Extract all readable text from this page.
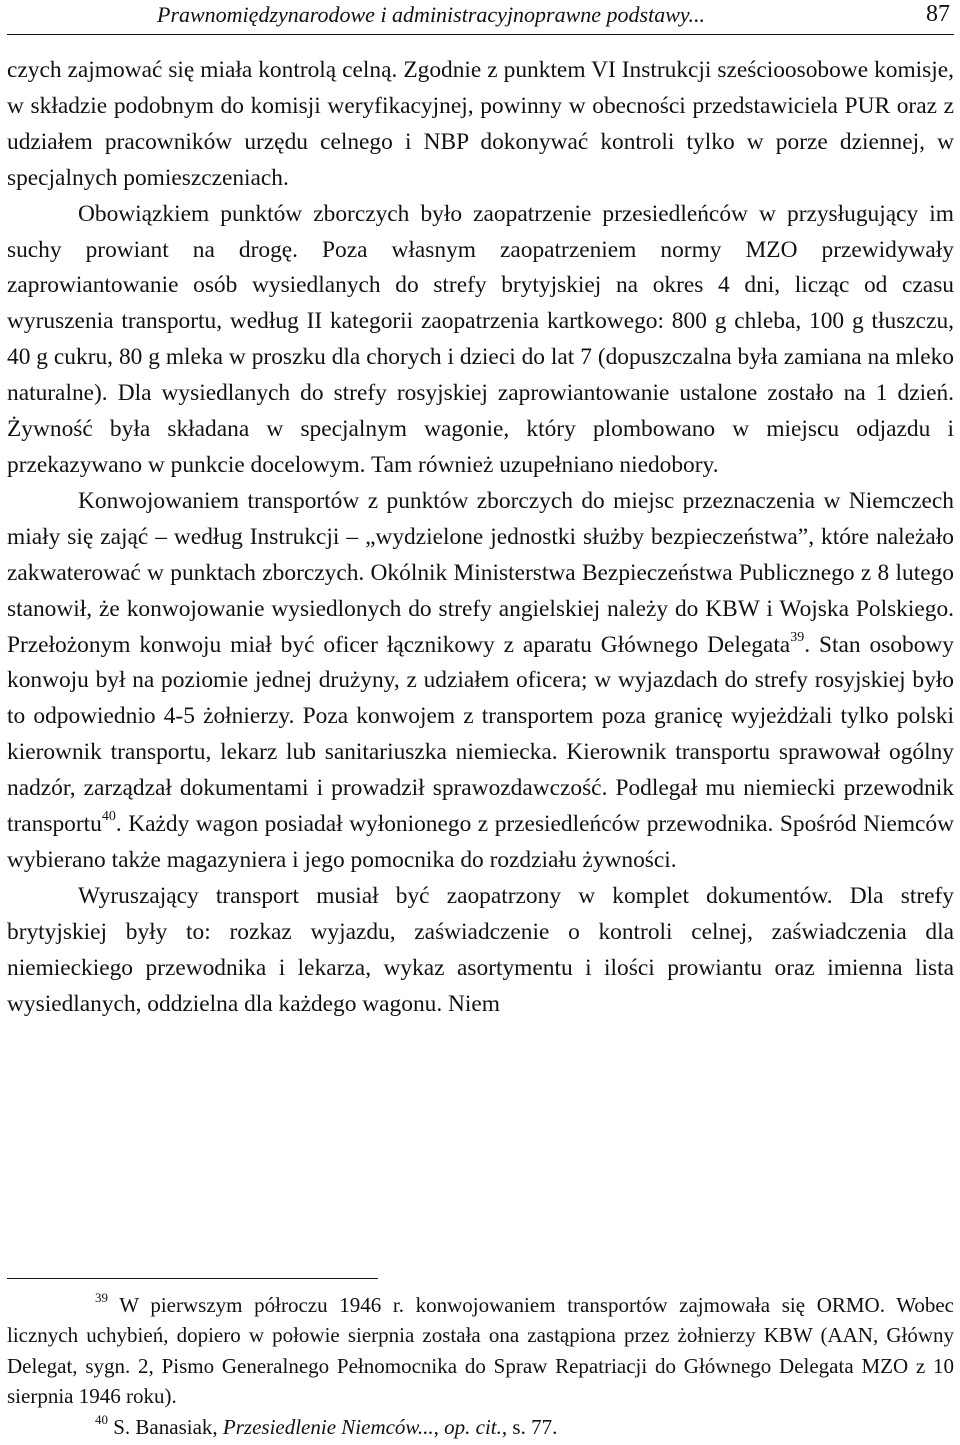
Prawnomiędzynarodowe i administracyjnoprawne podstawy...	87

czych zajmować się miała kontrolą celną. Zgodnie z punktem VI Instrukcji sześcioosobowe komisje, w składzie podobnym do komisji weryfikacyjnej, powinny w obecności przedstawiciela PUR oraz z udziałem pracowników urzędu celnego i NBP dokonywać kontroli tylko w porze dziennej, w specjalnych pomieszczeniach.

Obowiązkiem punktów zborczych było zaopatrzenie przesiedleńców w przysługujący im suchy prowiant na drogę. Poza własnym zaopatrzeniem normy MZO przewidywały zaprowiantowanie osób wysiedlanych do strefy brytyjskiej na okres 4 dni, licząc od czasu wyruszenia transportu, według II kategorii zaopatrzenia kartkowego: 800 g chleba, 100 g tłuszczu, 40 g cukru, 80 g mleka w proszku dla chorych i dzieci do lat 7 (dopuszczalna była zamiana na mleko naturalne). Dla wysiedlanych do strefy rosyjskiej zaprowiantowanie ustalone zostało na 1 dzień. Żywność była składana w specjalnym wagonie, który plombowano w miejscu odjazdu i przekazywano w punkcie docelowym. Tam również uzupełniano niedobory.

Konwojowaniem transportów z punktów zborczych do miejsc przeznaczenia w Niemczech miały się zająć – według Instrukcji – „wydzielone jednostki służby bezpieczeństwa”, które należało zakwaterować w punktach zborczych. Okólnik Ministerstwa Bezpieczeństwa Publicznego z 8 lutego stanowił, że konwojowanie wysiedlonych do strefy angielskiej należy do KBW i Wojska Polskiego. Przełożonym konwoju miał być oficer łącznikowy z aparatu Głównego Delegata$^{39}$. Stan osobowy konwoju był na poziomie jednej drużyny, z udziałem oficera; w wyjazdach do strefy rosyjskiej było to odpowiednio 4-5 żołnierzy. Poza konwojem z transportem poza granicę wyjeżdżali tylko polski kierownik transportu, lekarz lub sanitariuszka niemiecka. Kierownik transportu sprawował ogólny nadzór, zarządzał dokumentami i prowadził sprawozdawczość. Podlegał mu niemiecki przewodnik transportu$^{40}$. Każdy wagon posiadał wyłonionego z przesiedleńców przewodnika. Spośród Niemców wybierano także magazyniera i jego pomocnika do rozdziału żywności.

Wyruszający transport musiał być zaopatrzony w komplet dokumentów. Dla strefy brytyjskiej były to: rozkaz wyjazdu, zaświadczenie o kontroli celnej, zaświadczenia dla niemieckiego przewodnika i lekarza, wykaz asortymentu i ilości prowiantu oraz imienna lista wysiedlanych, oddzielna dla każdego wagonu. Niem

$^{39}$ W pierwszym półroczu 1946 r. konwojowaniem transportów zajmowała się ORMO. Wobec licznych uchybień, dopiero w połowie sierpnia została ona zastąpiona przez żołnierzy KBW (AAN, Główny Delegat, sygn. 2, Pismo Generalnego Pełnomocnika do Spraw Repatriacji do Głównego Delegata MZO z 10 sierpnia 1946 roku).

$^{40}$ S. Banasiak, Przesiedlenie Niemców..., op. cit., s. 77.
